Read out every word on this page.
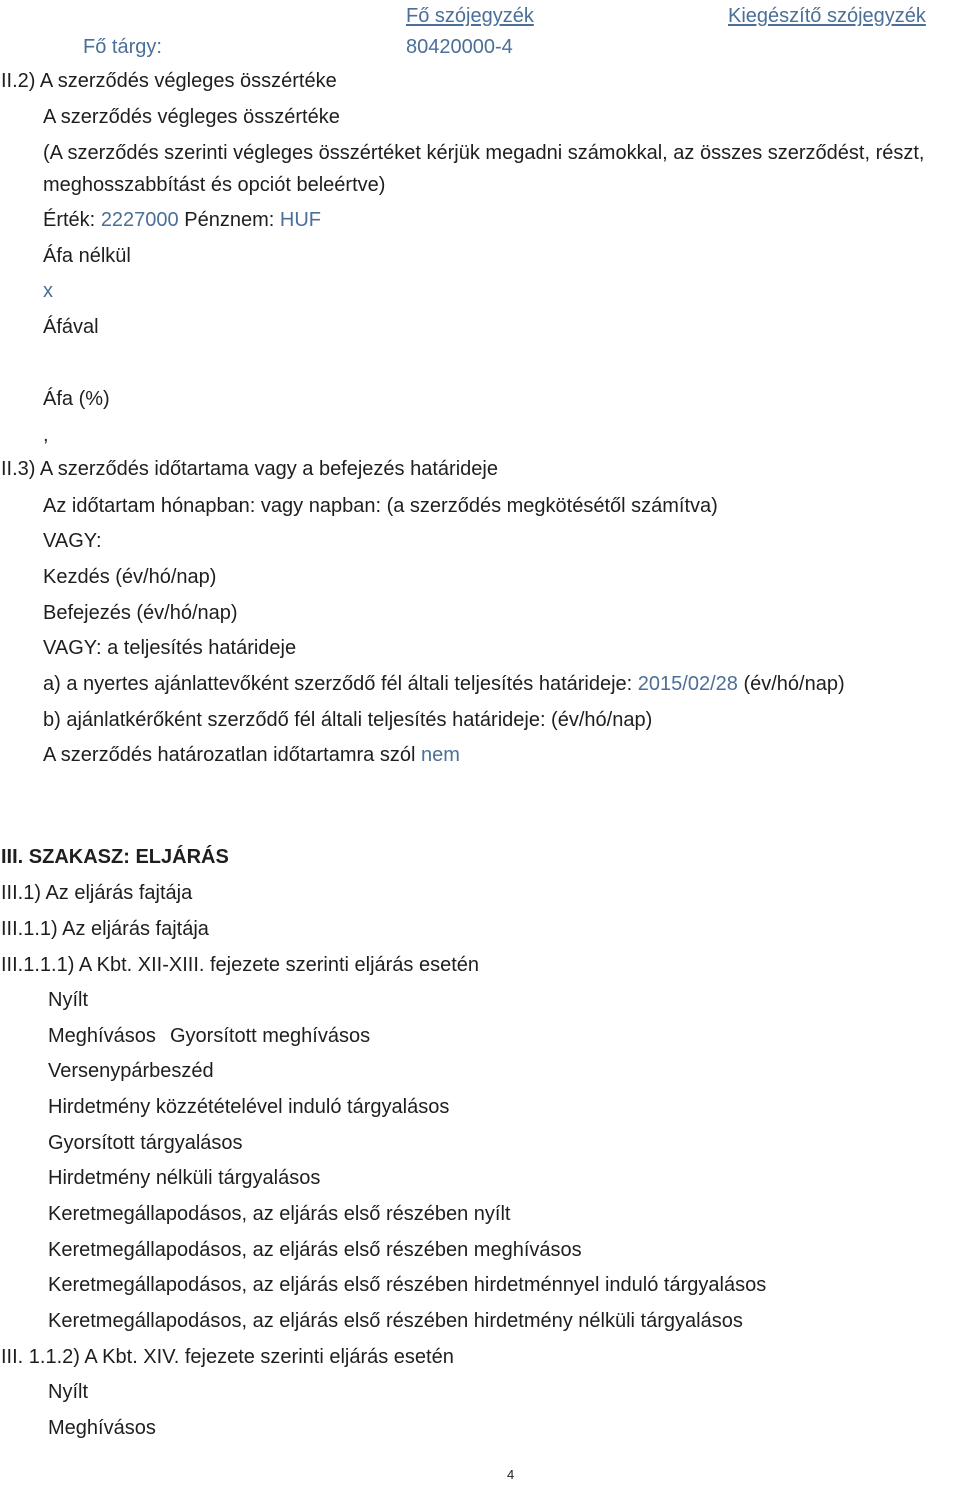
Fő szójegyzék	Kiegészítő szójegyzék
Fő tárgy:	80420000-4
II.2) A szerződés végleges összértéke
A szerződés végleges összértéke
(A szerződés szerinti végleges összértéket kérjük megadni számokkal, az összes szerződést, részt,
meghosszabbítást és opciót beleértve)
Érték: 2227000 Pénznem: HUF
Áfa nélkül
x
Áfával
Áfa (%)
,
II.3) A szerződés időtartama vagy a befejezés határideje
Az időtartam hónapban: vagy napban: (a szerződés megkötésétől számítva)
VAGY:
Kezdés (év/hó/nap)
Befejezés (év/hó/nap)
VAGY: a teljesítés határideje
a) a nyertes ajánlattevőként szerződő fél általi teljesítés határideje: 2015/02/28 (év/hó/nap)
b) ajánlatkérőként szerződő fél általi teljesítés határideje: (év/hó/nap)
A szerződés határozatlan időtartamra szól nem
III. SZAKASZ: ELJÁRÁS
III.1) Az eljárás fajtája
III.1.1) Az eljárás fajtája
III.1.1.1) A Kbt. XII-XIII. fejezete szerinti eljárás esetén
Nyílt
Meghívásos Gyorsított meghívásos
Versenypárbeszéd
Hirdetmény közzétételével induló tárgyalásos
Gyorsított tárgyalásos
Hirdetmény nélküli tárgyalásos
Keretmegállapodásos, az eljárás első részében nyílt
Keretmegállapodásos, az eljárás első részében meghívásos
Keretmegállapodásos, az eljárás első részében hirdetménnyel induló tárgyalásos
Keretmegállapodásos, az eljárás első részében hirdetmény nélküli tárgyalásos
III. 1.1.2) A Kbt. XIV. fejezete szerinti eljárás esetén
Nyílt
Meghívásos
4
